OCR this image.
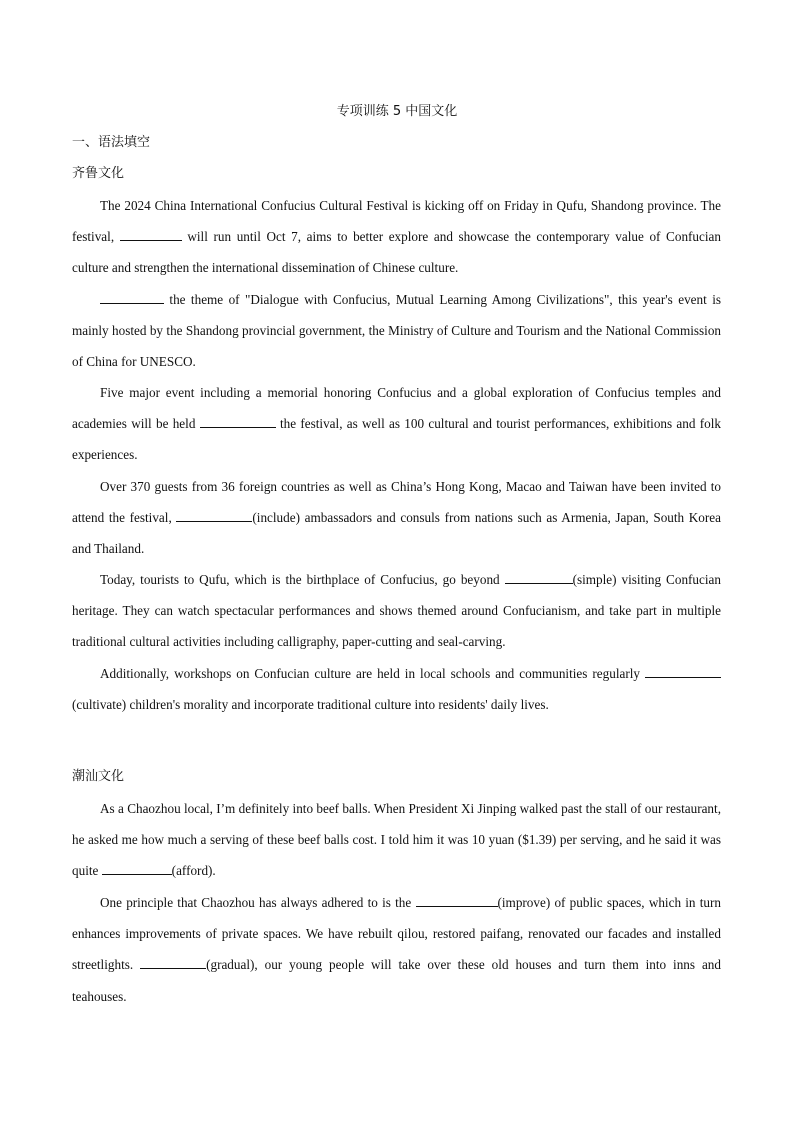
专项训练 5 中国文化
一、语法填空
齐鲁文化

The 2024 China International Confucius Cultural Festival is kicking off on Friday in Qufu, Shandong province. The festival,	will run until Oct 7, aims to better explore and showcase the contemporary value of Confucian culture and strengthen the international dissemination of Chinese culture.

the theme of "Dialogue with Confucius, Mutual Learning Among Civilizations", this year's event is mainly hosted by the Shandong provincial government, the Ministry of Culture and Tourism and the National Commission of China for UNESCO.

Five major event including a memorial honoring Confucius and a global exploration of Confucius temples and academies will be held	the festival, as well as 100 cultural and tourist performances, exhibitions and folk experiences.

Over 370 guests from 36 foreign countries as well as China’s Hong Kong, Macao and Taiwan have been invited to attend the festival,	(include) ambassadors and consuls from nations such as Armenia, Japan, South Korea and Thailand.

Today, tourists to Qufu, which is the birthplace of Confucius, go beyond	(simple) visiting Confucian heritage. They can watch spectacular performances and shows themed around Confucianism, and take part in multiple traditional cultural activities including calligraphy, paper-cutting and seal-carving.

Additionally, workshops on Confucian culture are held in local schools and communities regularly (cultivate) children's morality and incorporate traditional culture into residents' daily lives.

潮汕文化

As a Chaozhou local, I’m definitely into beef balls. When President Xi Jinping walked past the stall of our restaurant, he asked me how much a serving of these beef balls cost. I told him it was 10 yuan ($1.39) per serving, and he said it was quite	(afford).

One principle that Chaozhou has always adhered to is the	(improve) of public spaces, which in turn enhances improvements of private spaces. We have rebuilt qilou, restored paifang, renovated our facades and installed streetlights.	(gradual), our young people will take over these old houses and turn them into inns and teahouses.
